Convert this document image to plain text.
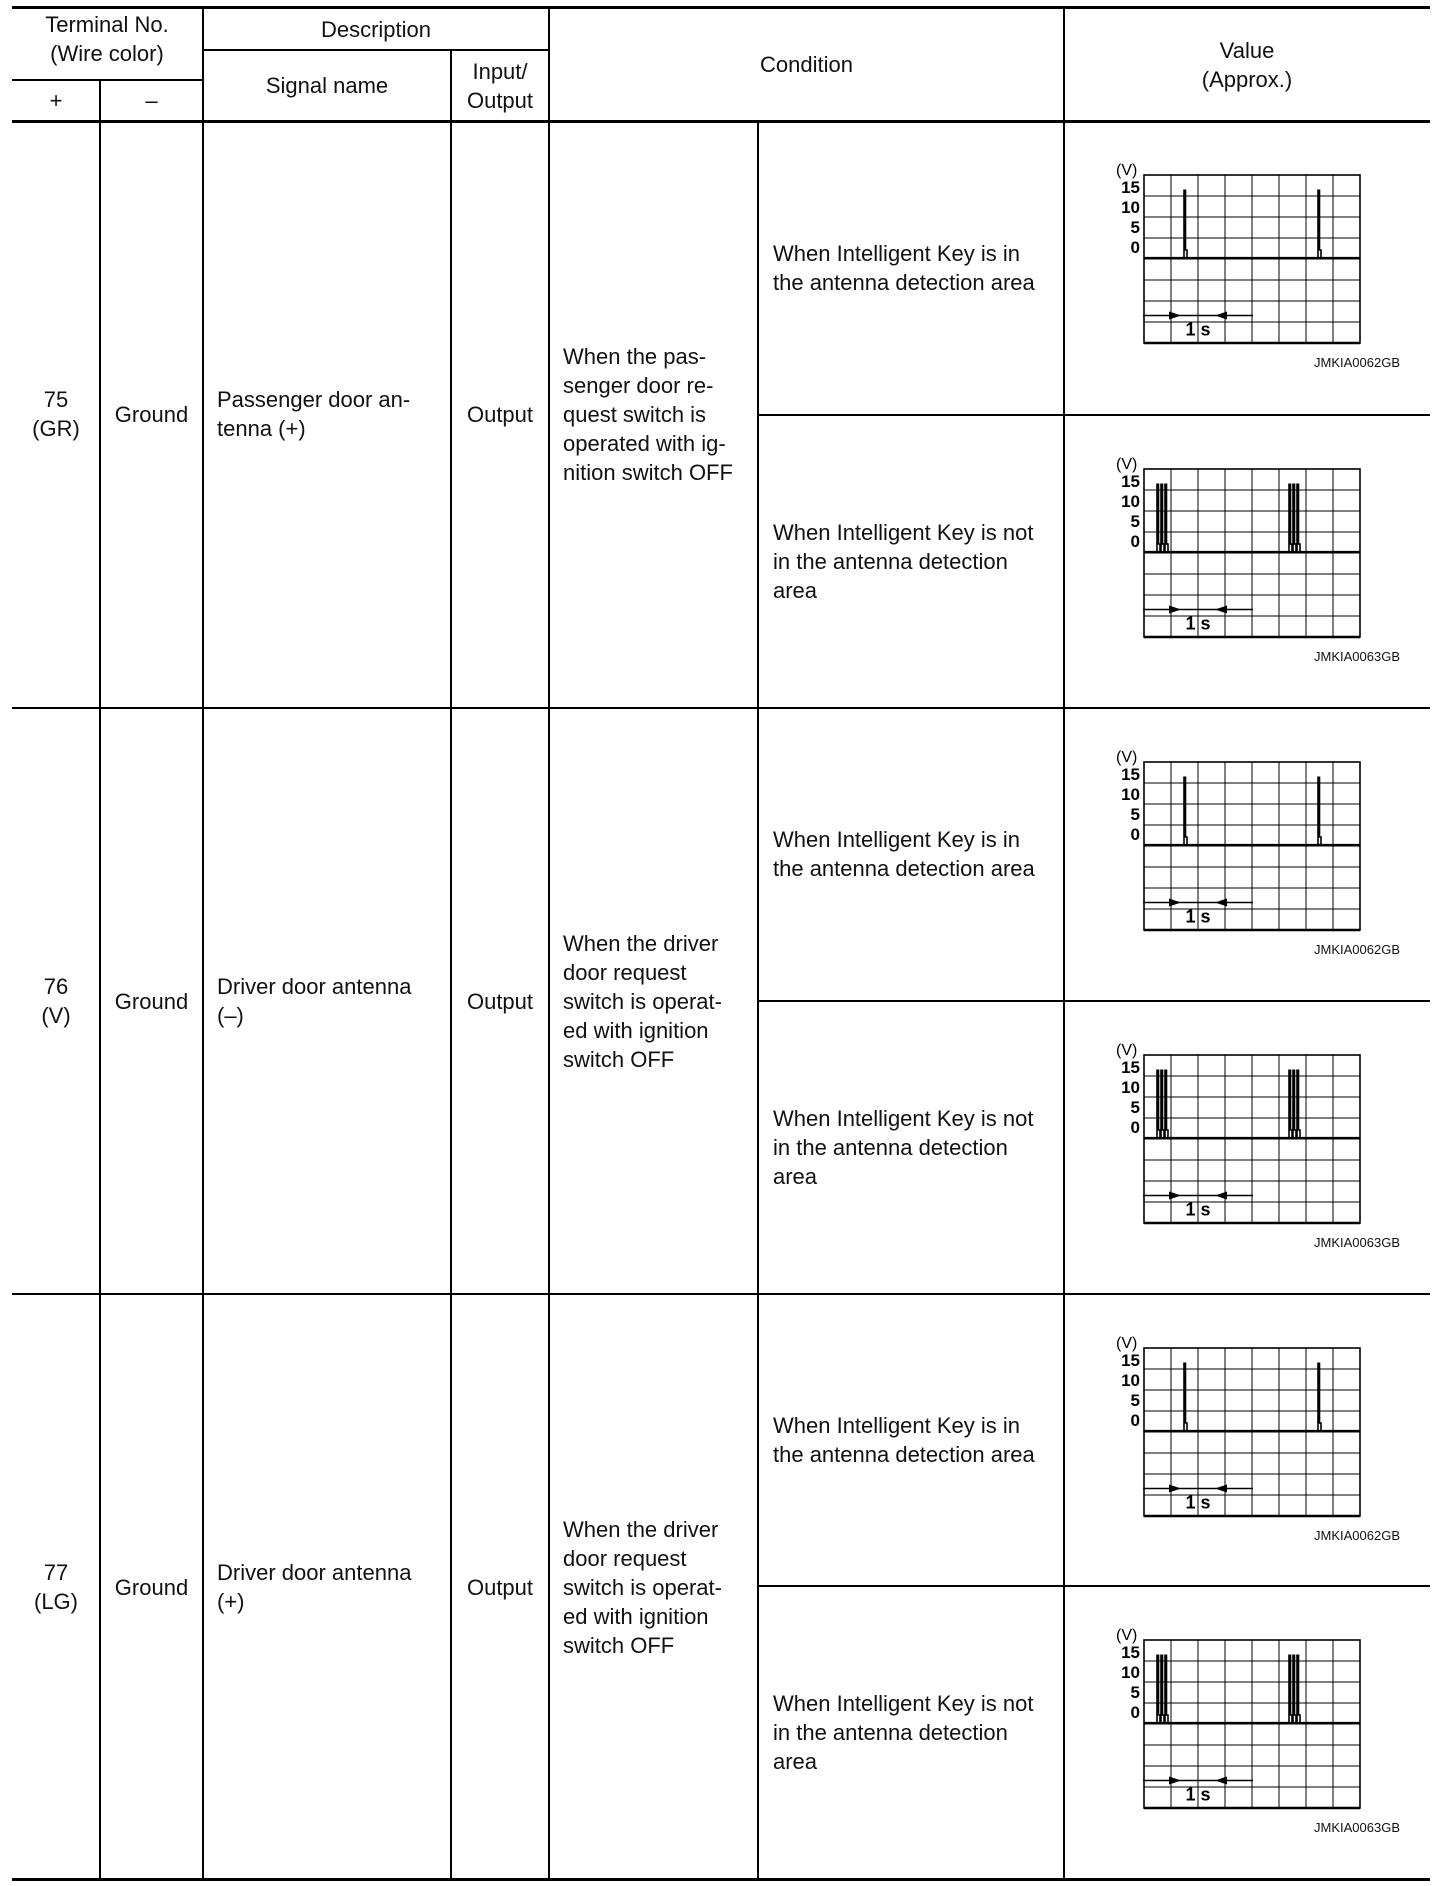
Terminal No.
(Wire color)
+	–
Description
Signal name
Input/
Output
Condition
Value
(Approx.)
75
(GR)
Ground
Passenger door an-
tenna (+)
Output
When the pas-
senger door re-
quest switch is
operated with ig-
nition switch OFF
When Intelligent Key is in
the antenna detection area
(V)
15
10
5
0
1 s
JMKIA0062GB
When Intelligent Key is not
in the antenna detection
area
(V)
15
10
5
0
1 s
JMKIA0063GB
76
(V)
Ground
Driver door antenna
(–)
Output
When the driver
door request
switch is operat-
ed with ignition
switch OFF
When Intelligent Key is in
the antenna detection area
(V)
15
10
5
0
1 s
JMKIA0062GB
When Intelligent Key is not
in the antenna detection
area
(V)
15
10
5
0
1 s
JMKIA0063GB
77
(LG)
Ground
Driver door antenna
(+)
Output
When the driver
door request
switch is operat-
ed with ignition
switch OFF
When Intelligent Key is in
the antenna detection area
(V)
15
10
5
0
1 s
JMKIA0062GB
When Intelligent Key is not
in the antenna detection
area
(V)
15
10
5
0
1 s
JMKIA0063GB
